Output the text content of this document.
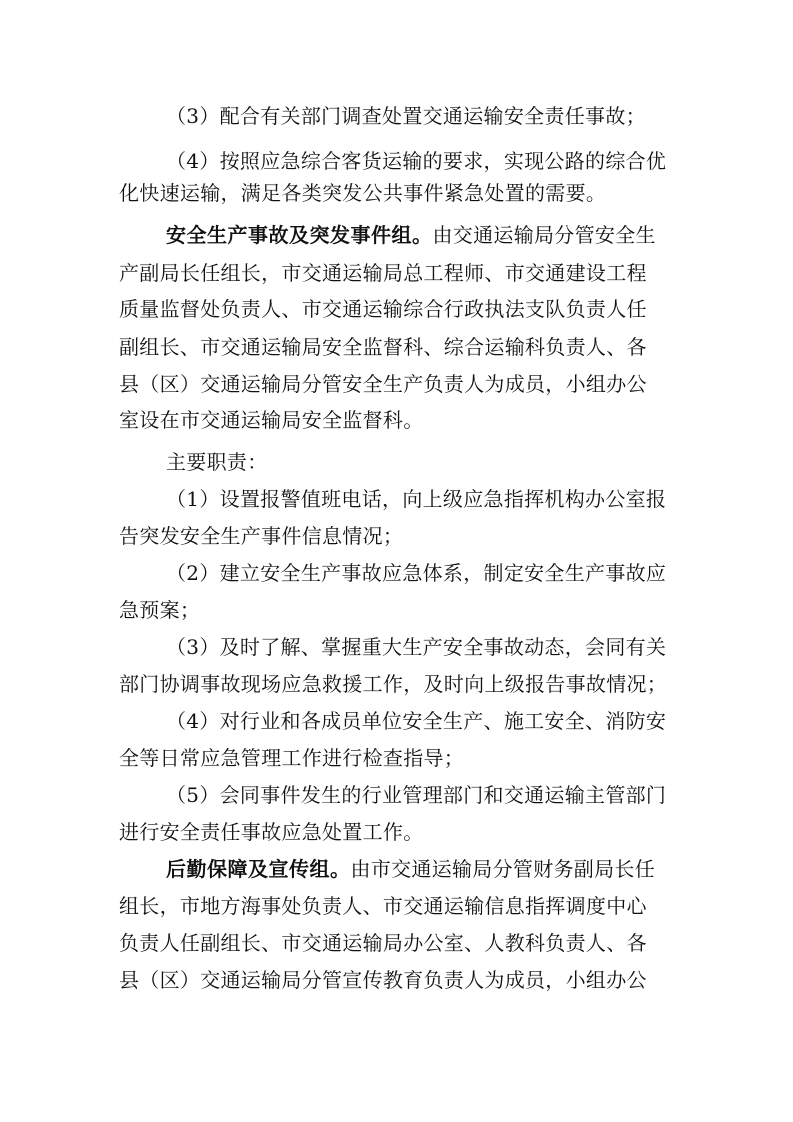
（3）配合有关部门调查处置交通运输安全责任事故；
（4）按照应急综合客货运输的要求，实现公路的综合优
化快速运输，满足各类突发公共事件紧急处置的需要。
安全生产事故及突发事件组。由交通运输局分管安全生
产副局长任组长，市交通运输局总工程师、市交通建设工程
质量监督处负责人、市交通运输综合行政执法支队负责人任
副组长、市交通运输局安全监督科、综合运输科负责人、各
县（区）交通运输局分管安全生产负责人为成员，小组办公
室设在市交通运输局安全监督科。
主要职责：
（1）设置报警值班电话，向上级应急指挥机构办公室报
告突发安全生产事件信息情况；
（2）建立安全生产事故应急体系，制定安全生产事故应
急预案；
（3）及时了解、掌握重大生产安全事故动态，会同有关
部门协调事故现场应急救援工作，及时向上级报告事故情况；
（4）对行业和各成员单位安全生产、施工安全、消防安
全等日常应急管理工作进行检查指导；
（5）会同事件发生的行业管理部门和交通运输主管部门
进行安全责任事故应急处置工作。
后勤保障及宣传组。由市交通运输局分管财务副局长任
组长，市地方海事处负责人、市交通运输信息指挥调度中心
负责人任副组长、市交通运输局办公室、人教科负责人、各
县（区）交通运输局分管宣传教育负责人为成员，小组办公
